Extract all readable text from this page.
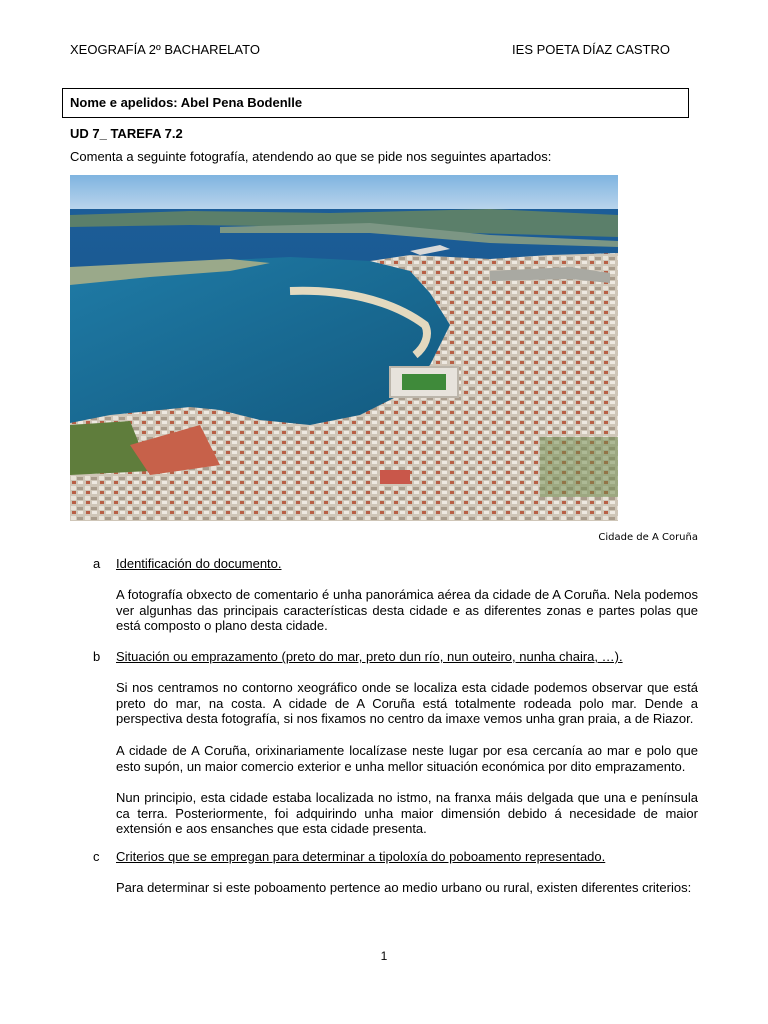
XEOGRAFÍA 2º BACHARELATO	IES POETA DÍAZ CASTRO
Nome e apelidos: Abel Pena Bodenlle
UD 7_ TAREFA 7.2
Comenta a seguinte fotografía, atendendo ao que se pide nos seguintes apartados:
Cidade de A Coruña
a Identificación do documento.
A fotografía obxecto de comentario é unha panorámica aérea da cidade de A Coruña. Nela podemos ver algunhas das principais características desta cidade e as diferentes zonas e partes polas que está composto o plano desta cidade.
b Situación ou emprazamento (preto do mar, preto dun río, nun outeiro, nunha chaira, …).
Si nos centramos no contorno xeográfico onde se localiza esta cidade podemos observar que está preto do mar, na costa. A cidade de A Coruña está totalmente rodeada polo mar. Dende a perspectiva desta fotografía, si nos fixamos no centro da imaxe vemos unha gran praia, a de Riazor.
A cidade de A Coruña, orixinariamente localízase neste lugar por esa cercanía ao mar e polo que esto supón, un maior comercio exterior e unha mellor situación económica por dito emprazamento.
Nun principio, esta cidade estaba localizada no istmo, na franxa máis delgada que una e península ca terra. Posteriormente, foi adquirindo unha maior dimensión debido á necesidade de maior extensión e aos ensanches que esta cidade presenta.
c Criterios que se empregan para determinar a tipoloxía do poboamento representado.
Para determinar si este poboamento pertence ao medio urbano ou rural, existen diferentes criterios:
1
